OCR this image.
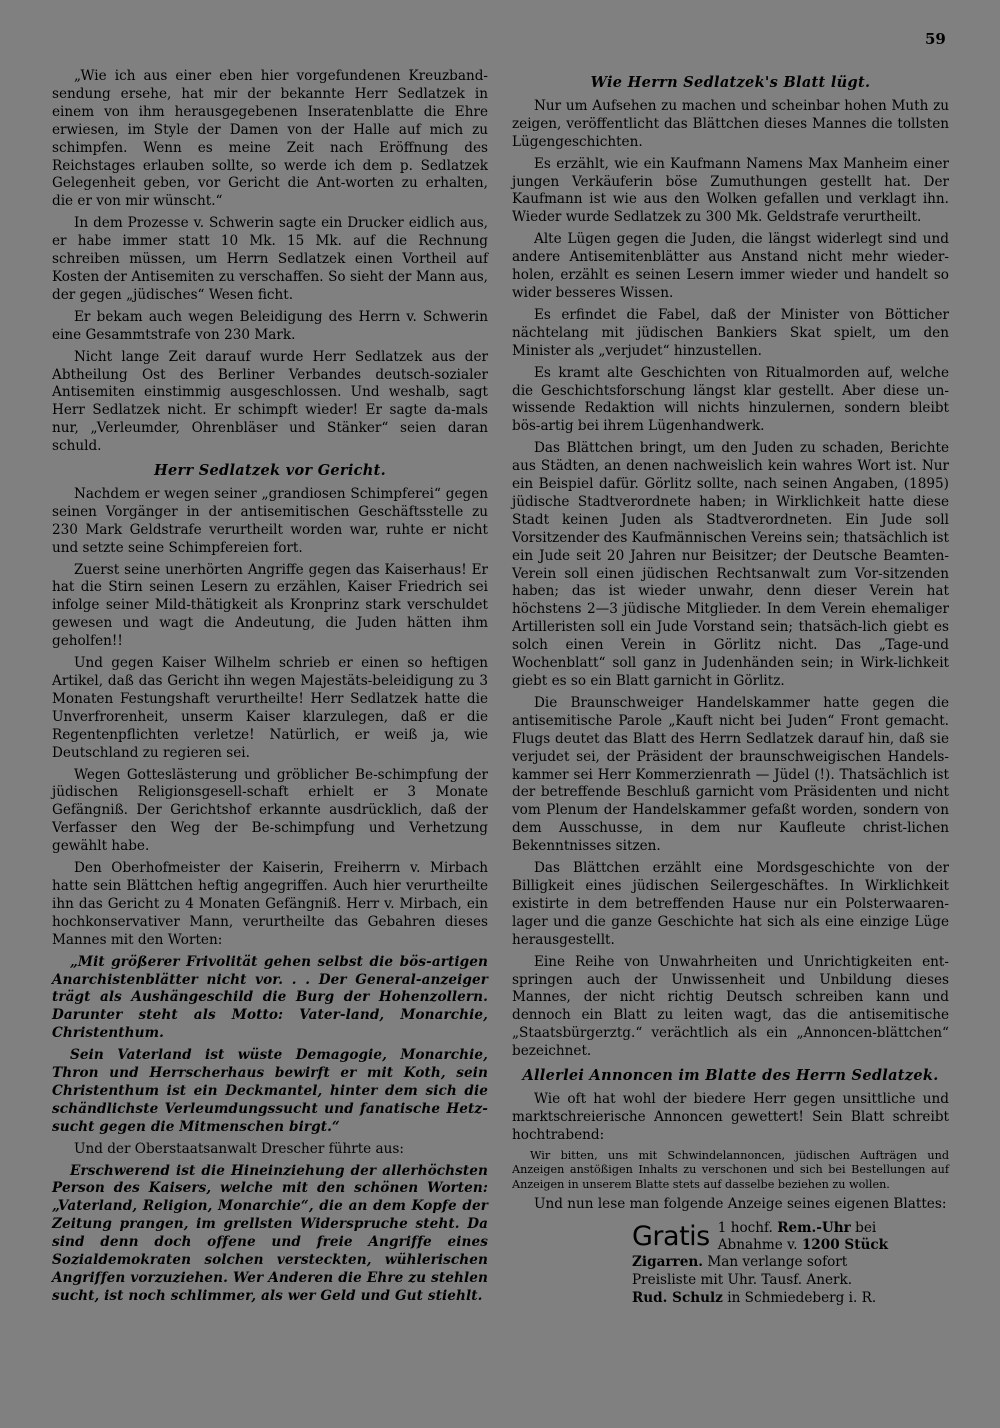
59

„Wie ich aus einer eben hier vorgefundenen Kreuzband-sendung ersehe, hat mir der bekannte Herr Sedlatzek in einem von ihm herausgegebenen Inseratenblatte die Ehre erwiesen, im Style der Damen von der Halle auf mich zu schimpfen. Wenn es meine Zeit nach Eröffnung des Reichstages erlauben sollte, so werde ich dem p. Sedlatzek Gelegenheit geben, vor Gericht die Ant-worten zu erhalten, die er von mir wünscht.“

In dem Prozesse v. Schwerin sagte ein Drucker eidlich aus, er habe immer statt 10 Mk. 15 Mk. auf die Rechnung schreiben müssen, um Herrn Sedlatzek einen Vortheil auf Kosten der Antisemiten zu verschaffen. So sieht der Mann aus, der gegen „jüdisches“ Wesen ficht.

Er bekam auch wegen Beleidigung des Herrn v. Schwerin eine Gesammtstrafe von 230 Mark.

Nicht lange Zeit darauf wurde Herr Sedlatzek aus der Abtheilung Ost des Berliner Verbandes deutsch-sozialer Antisemiten einstimmig ausgeschlossen. Und weshalb, sagt Herr Sedlatzek nicht. Er schimpft wieder! Er sagte da-mals nur, „Verleumder, Ohrenbläser und Stänker“ seien daran schuld.

Herr Sedlatzek vor Gericht.

Nachdem er wegen seiner „grandiosen Schimpferei“ gegen seinen Vorgänger in der antisemitischen Geschäftsstelle zu 230 Mark Geldstrafe verurtheilt worden war, ruhte er nicht und setzte seine Schimpfereien fort.

Zuerst seine unerhörten Angriffe gegen das Kaiserhaus! Er hat die Stirn seinen Lesern zu erzählen, Kaiser Friedrich sei infolge seiner Mild-thätigkeit als Kronprinz stark verschuldet gewesen und wagt die Andeutung, die Juden hätten ihm geholfen!!

Und gegen Kaiser Wilhelm schrieb er einen so heftigen Artikel, daß das Gericht ihn wegen Majestäts-beleidigung zu 3 Monaten Festungshaft verurtheilte! Herr Sedlatzek hatte die Unverfrorenheit, unserm Kaiser klarzulegen, daß er die Regentenpflichten verletze! Natürlich, er weiß ja, wie Deutschland zu regieren sei.

Wegen Gotteslästerung und gröblicher Be-schimpfung der jüdischen Religionsgesell-schaft erhielt er 3 Monate Gefängniß. Der Gerichtshof erkannte ausdrücklich, daß der Verfasser den Weg der Be-schimpfung und Verhetzung gewählt habe.

Den Oberhofmeister der Kaiserin, Freiherrn v. Mirbach hatte sein Blättchen heftig angegriffen. Auch hier verurtheilte ihn das Gericht zu 4 Monaten Gefängniß. Herr v. Mirbach, ein hochkonservativer Mann, verurtheilte das Gebahren dieses Mannes mit den Worten:

„Mit größerer Frivolität gehen selbst die bös-artigen Anarchistenblätter nicht vor. . . Der General-anzeiger trägt als Aushängeschild die Burg der Hohenzollern. Darunter steht als Motto: Vater-land, Monarchie, Christenthum.

Sein Vaterland ist wüste Demagogie, Monarchie, Thron und Herrscherhaus bewirft er mit Koth, sein Christenthum ist ein Deckmantel, hinter dem sich die schändlichste Verleumdungssucht und fanatische Hetz-sucht gegen die Mitmenschen birgt.“

Und der Oberstaatsanwalt Drescher führte aus:

Erschwerend ist die Hineinziehung der allerhöchsten Person des Kaisers, welche mit den schönen Worten: „Vaterland, Religion, Monarchie“, die an dem Kopfe der Zeitung prangen, im grellsten Widerspruche steht. Da sind denn doch offene und freie Angriffe eines Sozialdemokraten solchen versteckten, wühlerischen Angriffen vorzuziehen. Wer Anderen die Ehre zu stehlen sucht, ist noch schlimmer, als wer Geld und Gut stiehlt.

Wie Herrn Sedlatzek's Blatt lügt.

Nur um Aufsehen zu machen und scheinbar hohen Muth zu zeigen, veröffentlicht das Blättchen dieses Mannes die tollsten Lügengeschichten.

Es erzählt, wie ein Kaufmann Namens Max Manheim einer jungen Verkäuferin böse Zumuthungen gestellt hat. Der Kaufmann ist wie aus den Wolken gefallen und verklagt ihn. Wieder wurde Sedlatzek zu 300 Mk. Geldstrafe verurtheilt.

Alte Lügen gegen die Juden, die längst widerlegt sind und andere Antisemitenblätter aus Anstand nicht mehr wieder-holen, erzählt es seinen Lesern immer wieder und handelt so wider besseres Wissen.

Es erfindet die Fabel, daß der Minister von Bötticher nächtelang mit jüdischen Bankiers Skat spielt, um den Minister als „verjudet“ hinzustellen.

Es kramt alte Geschichten von Ritualmorden auf, welche die Geschichtsforschung längst klar gestellt. Aber diese un-wissende Redaktion will nichts hinzulernen, sondern bleibt bös-artig bei ihrem Lügenhandwerk.

Das Blättchen bringt, um den Juden zu schaden, Berichte aus Städten, an denen nachweislich kein wahres Wort ist. Nur ein Beispiel dafür. Görlitz sollte, nach seinen Angaben, (1895) jüdische Stadtverordnete haben; in Wirklichkeit hatte diese Stadt keinen Juden als Stadtverordneten. Ein Jude soll Vorsitzender des Kaufmännischen Vereins sein; thatsächlich ist ein Jude seit 20 Jahren nur Beisitzer; der Deutsche Beamten-Verein soll einen jüdischen Rechtsanwalt zum Vor-sitzenden haben; das ist wieder unwahr, denn dieser Verein hat höchstens 2—3 jüdische Mitglieder. In dem Verein ehemaliger Artilleristen soll ein Jude Vorstand sein; thatsäch-lich giebt es solch einen Verein in Görlitz nicht. Das „Tage-und Wochenblatt“ soll ganz in Judenhänden sein; in Wirk-lichkeit giebt es so ein Blatt garnicht in Görlitz.

Die Braunschweiger Handelskammer hatte gegen die antisemitische Parole „Kauft nicht bei Juden“ Front gemacht. Flugs deutet das Blatt des Herrn Sedlatzek darauf hin, daß sie verjudet sei, der Präsident der braunschweigischen Handels-kammer sei Herr Kommerzienrath — Jüdel (!). Thatsächlich ist der betreffende Beschluß garnicht vom Präsidenten und nicht vom Plenum der Handelskammer gefaßt worden, sondern von dem Ausschusse, in dem nur Kaufleute christ-lichen Bekenntnisses sitzen.

Das Blättchen erzählt eine Mordsgeschichte von der Billigkeit eines jüdischen Seilergeschäftes. In Wirklichkeit existirte in dem betreffenden Hause nur ein Polsterwaaren-lager und die ganze Geschichte hat sich als eine einzige Lüge herausgestellt.

Eine Reihe von Unwahrheiten und Unrichtigkeiten ent-springen auch der Unwissenheit und Unbildung dieses Mannes, der nicht richtig Deutsch schreiben kann und dennoch ein Blatt zu leiten wagt, das die antisemitische „Staatsbürgerztg.“ verächtlich als ein „Annoncen-blättchen“ bezeichnet.

Allerlei Annoncen im Blatte des Herrn Sedlatzek.

Wie oft hat wohl der biedere Herr gegen unsittliche und marktschreierische Annoncen gewettert! Sein Blatt schreibt hochtrabend:

Wir bitten, uns mit Schwindelannoncen, jüdischen Aufträgen und Anzeigen anstößigen Inhalts zu verschonen und sich bei Bestellungen auf Anzeigen in unserem Blatte stets auf dasselbe beziehen zu wollen.

Und nun lese man folgende Anzeige seines eigenen Blattes:

Gratis 1 hochf. Rem.-Uhr bei
Abnahme v. 1200 Stück
Zigarren. Man verlange sofort
Preisliste mit Uhr. Tausf. Anerk.
Rud. Schulz in Schmiedeberg i. R.
